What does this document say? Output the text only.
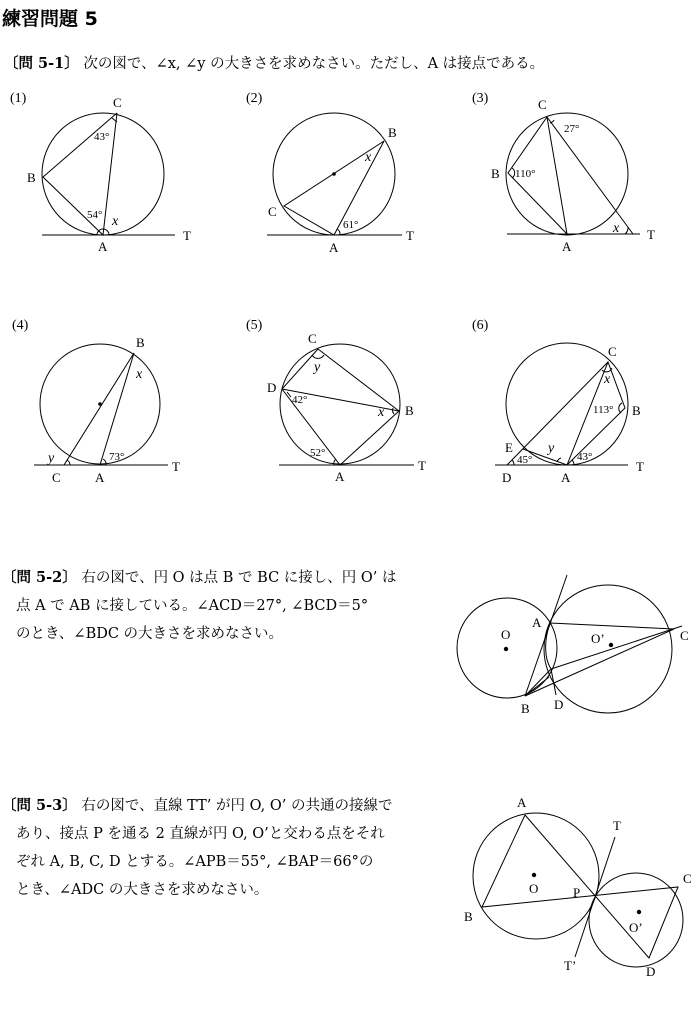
練習問題 5
〔問 5-1〕 次の図で、∠x, ∠y の大きさを求めなさい。ただし、A は接点である。
(1)	C
B
A
T
43°
54° x
(2)
B
C
A
T
61°
x
(3)	C
B
A
T
27°
110°
x
(4)
B
C	A
T
73°
x
y
(5)
C
D
B
A
T
42°
52°
x
y
(6)
C
B
E
D	A
T
113°
45°	43°
x
y
〔問 5-2〕 右の図で、円 O は点 B で BC に接し、円 O’ は
点 A で AB に接している。∠ACD＝27°, ∠BCD＝5°
のとき、∠BDC の大きさを求めなさい。	O	O’
A
C
B D
〔問 5-3〕 右の図で、直線 TT’ が円 O, O’ の共通の接線で
あり、接点 P を通る 2 直線が円 O, O’と交わる点をそれ
ぞれ A, B, C, D とする。∠APB＝55°, ∠BAP＝66°の
とき、∠ADC の大きさを求めなさい。
A
B
C
D
O
O’
P
T
T’
